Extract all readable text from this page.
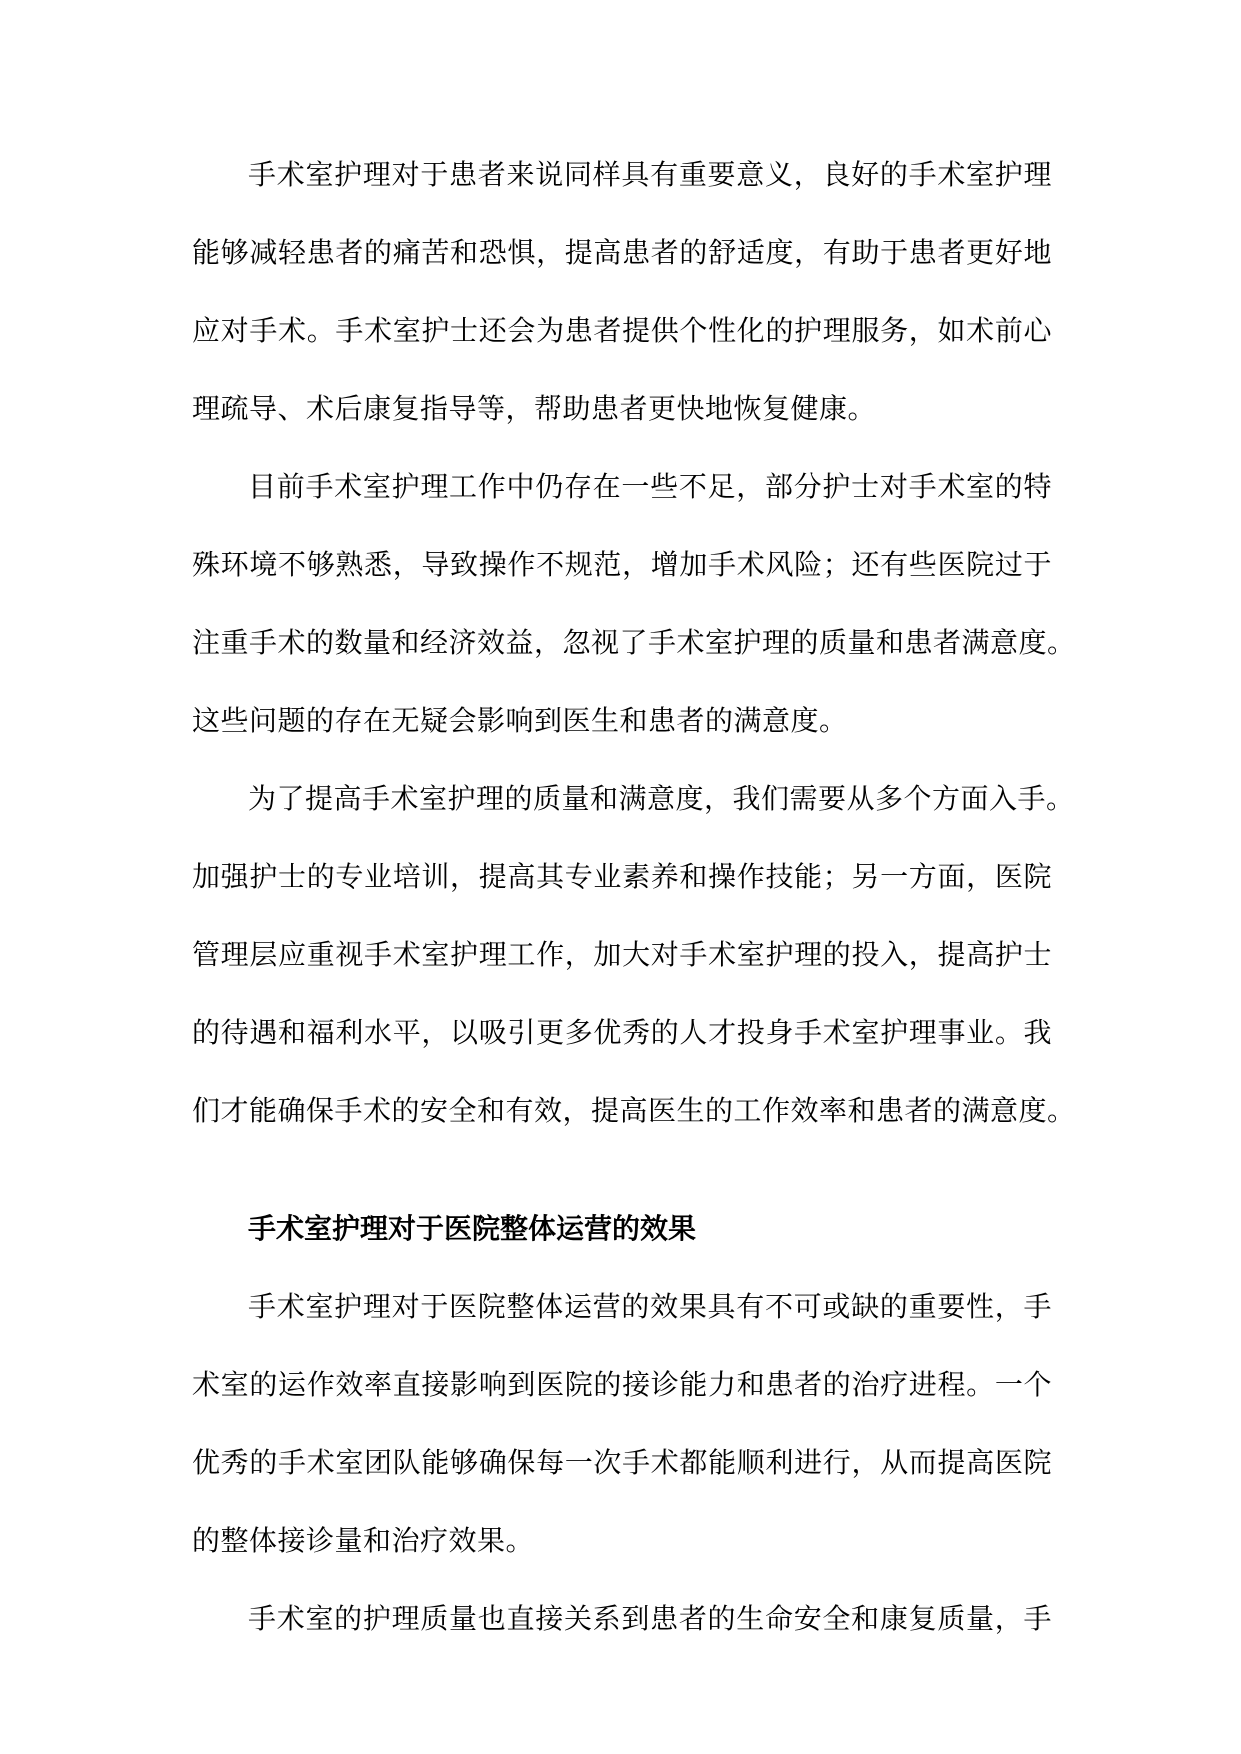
手术室护理对于患者来说同样具有重要意义，良好的手术室护理
能够减轻患者的痛苦和恐惧，提高患者的舒适度，有助于患者更好地
应对手术。手术室护士还会为患者提供个性化的护理服务，如术前心
理疏导、术后康复指导等，帮助患者更快地恢复健康。
目前手术室护理工作中仍存在一些不足，部分护士对手术室的特
殊环境不够熟悉，导致操作不规范，增加手术风险；还有些医院过于
注重手术的数量和经济效益，忽视了手术室护理的质量和患者满意度。
这些问题的存在无疑会影响到医生和患者的满意度。
为了提高手术室护理的质量和满意度，我们需要从多个方面入手。
加强护士的专业培训，提高其专业素养和操作技能；另一方面，医院
管理层应重视手术室护理工作，加大对手术室护理的投入，提高护士
的待遇和福利水平，以吸引更多优秀的人才投身手术室护理事业。我
们才能确保手术的安全和有效，提高医生的工作效率和患者的满意度。
手术室护理对于医院整体运营的效果
手术室护理对于医院整体运营的效果具有不可或缺的重要性，手
术室的运作效率直接影响到医院的接诊能力和患者的治疗进程。一个
优秀的手术室团队能够确保每一次手术都能顺利进行，从而提高医院
的整体接诊量和治疗效果。
手术室的护理质量也直接关系到患者的生命安全和康复质量，手
